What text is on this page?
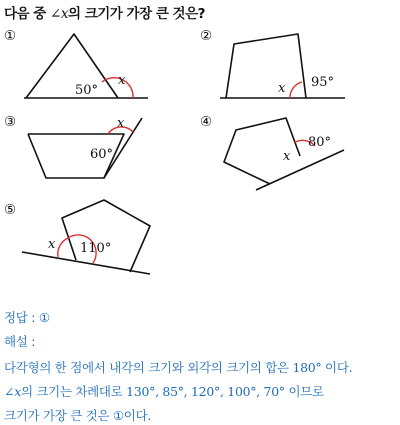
다음 중 ∠x의 크기가 가장 큰 것은?
①	②
③	④
⑤
50°
x
x 95°
x
60°
80°
x
x 110°
정답 : ①
해설 :
다각형의 한 점에서 내각의 크기와 외각의 크기의 합은 180° 이다.
∠x의 크기는 차례대로 130°, 85°, 120°, 100°, 70° 이므로
크기가 가장 큰 것은 ①이다.
